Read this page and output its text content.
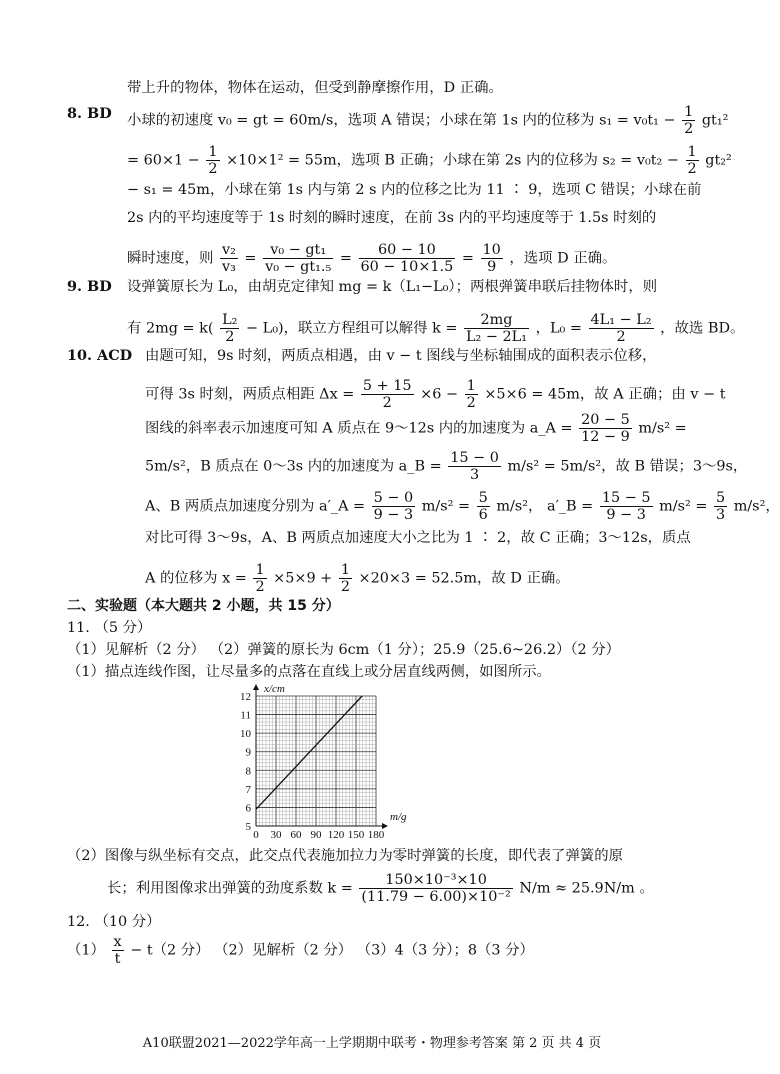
带上升的物体，物体在运动，但受到静摩擦作用，D 正确。
8. BD 小球的初速度 v₀ = gt = 60m/s，选项 A 错误；小球在第 1s 内的位移为 $s_1 = v_0t_1 - \frac{1}{2} gt_1^2$
= $60\times 1 - \frac{1}{2} \times 10\times 1^2 = 55m$，选项 B 正确；小球在第 2s 内的位移为 $s_2 = v_0t_2 - \frac{1}{2} gt_2^2$
− s₁ = 45m，小球在第 1s 内与第 2 s 内的位移之比为 11 ∶ 9，选项 C 错误；小球在前
2s 内的平均速度等于 1s 时刻的瞬时速度，在前 3s 内的平均速度等于 1.5s 时刻的
瞬时速度，则 $\frac{\text{v₂}}{\text{v₃}} = \frac{\text{v₀ − gt₁}}{\text{v₀ − gt₁.₅}} = \frac{60 - 10}{60 - 10\times 1.5} = \frac{10}{9}$ ，选项 D 正确。
9. BD 设弹簧原长为 L₀，由胡克定律知 mg = k（L₁−L₀）；两根弹簧串联后挂物体时，则
有 $2mg = k( \frac{\text{L₂}}{2} - L_0)$，联立方程组可以解得 $k = \frac{2mg}{\text{L₂ − 2L₁}}$ ，$L_0 = \frac{\text{4L₁ − L₂}}{2}$ ，故选 BD。
10. ACD 由题可知，9s 时刻，两质点相遇，由 v − t 图线与坐标轴围成的面积表示位移，
可得 3s 时刻，两质点相距 $\Delta x = \frac{5 + 15}{2} \times 6 - \frac{1}{2} \times 5\times 6 = 45m$，故 A 正确；由 v − t
图线的斜率表示加速度可知 A 质点在 9～12s 内的加速度为 a_A = $\frac{20 - 5}{12 - 9} m/s^2$ =
5m/s²，B 质点在 0～3s 内的加速度为 a_B = $\frac{15 - 0}{3} m/s^2 = 5m/s^2$，故 B 错误；3～9s，
A、B 两质点加速度分别为 a′_A = $\frac{5 - 0}{9 - 3} m/s^2 = \frac{5}{6} m/s^2$， a′_B = $\frac{15 - 5}{9 - 3} m/s^2 = \frac{5}{3} m/s^2$，
对比可得 3～9s，A、B 两质点加速度大小之比为 1 ∶ 2，故 C 正确；3～12s，质点
A 的位移为 $x = \frac{1}{2} \times 5\times 9 + \frac{1}{2} \times 20\times 3 = 52.5m$，故 D 正确。
二、实验题（本大题共 2 小题，共 15 分）
11. （5 分）
（1）见解析（2 分） （2）弹簧的原长为 6cm（1 分）；25.9（25.6~26.2）（2 分）
（1）描点连线作图，让尽量多的点落在直线上或分居直线两侧，如图所示。
0 30 60 90 120 150 180
5
6
7
8
9
10
11
12
m/g
x/cm
（2）图像与纵坐标有交点，此交点代表施加拉力为零时弹簧的长度，即代表了弹簧的原
长；利用图像求出弹簧的劲度系数 $k = \frac{\text{150×10⁻³×10}}{\text{(11.79 − 6.00)×10⁻²}} N/m \approx 25.9N/m$ 。
12. （10 分）
$(1) \frac{x}{t} - t(2$ 分） （2）见解析（2 分） （3）4（3 分）；8（3 分）
A10联盟2021—2022学年高一上学期期中联考・物理参考答案 第 2 页 共 4 页
